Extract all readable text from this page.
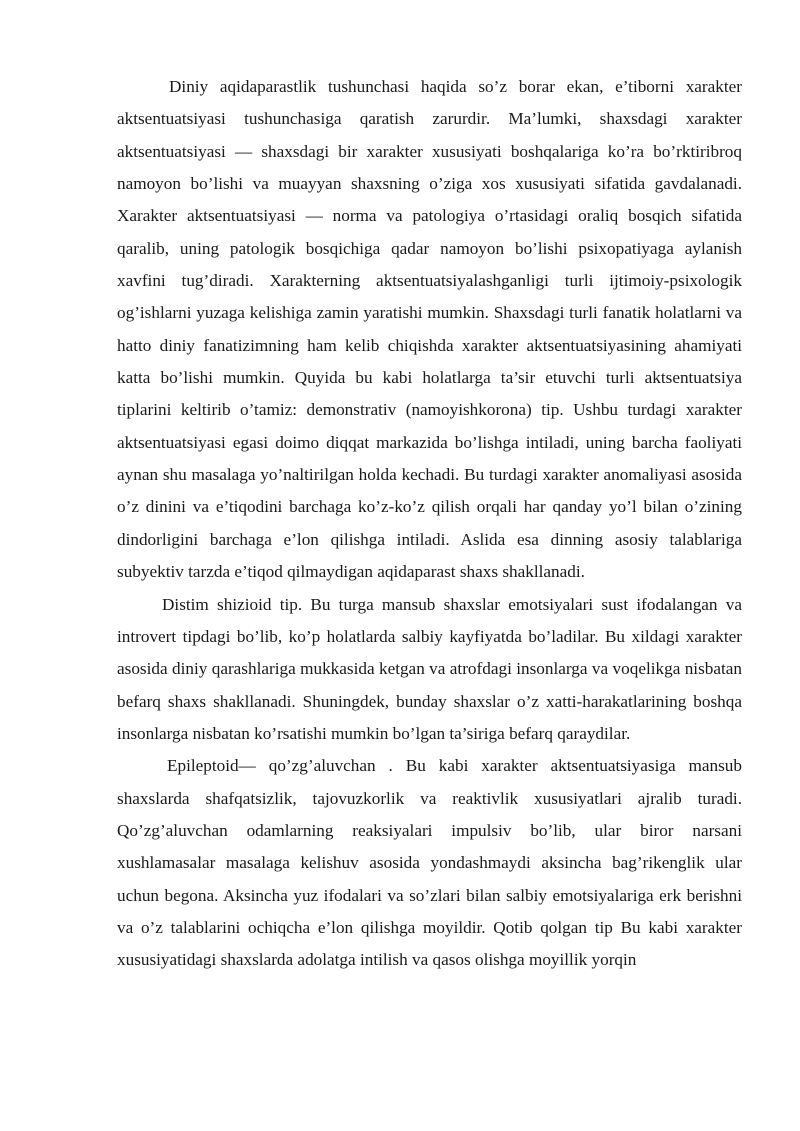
Diniy aqidaparastlik tushunchasi haqida so’z borar ekan, e’tiborni xarakter aktsentuatsiyasi tushunchasiga qaratish zarurdir. Ma’lumki, shaxsdagi xarakter aktsentuatsiyasi — shaxsdagi bir xarakter xususiyati boshqalariga ko’ra bo’rktiribroq namoyon bo’lishi va muayyan shaxsning o’ziga xos xususiyati sifatida gavdalanadi. Xarakter aktsentuatsiyasi — norma va patologiya o’rtasidagi oraliq bosqich sifatida qaralib, uning patologik bosqichiga qadar namoyon bo’lishi psixopatiyaga aylanish xavfini tug’diradi. Xarakterning aktsentuatsiyalashganligi turli ijtimoiy-psixologik og’ishlarni yuzaga kelishiga zamin yaratishi mumkin. Shaxsdagi turli fanatik holatlarni va hatto diniy fanatizimning ham kelib chiqishda xarakter aktsentuatsiyasining ahamiyati katta bo’lishi mumkin. Quyida bu kabi holatlarga ta’sir etuvchi turli aktsentuatsiya tiplarini keltirib o’tamiz: demonstrativ (namoyishkorona) tip. Ushbu turdagi xarakter aktsentuatsiyasi egasi doimo diqqat markazida bo’lishga intiladi, uning barcha faoliyati aynan shu masalaga yo’naltirilgan holda kechadi. Bu turdagi xarakter anomaliyasi asosida o’z dinini va e’tiqodini barchaga ko’z-ko’z qilish orqali har qanday yo’l bilan o’zining dindorligini barchaga e’lon qilishga intiladi. Aslida esa dinning asosiy talablariga subyektiv tarzda e’tiqod qilmaydigan aqidaparast shaxs shakllanadi.

Distim shizioid tip. Bu turga mansub shaxslar emotsiyalari sust ifodalangan va introvert tipdagi bo’lib, ko’p holatlarda salbiy kayfiyatda bo’ladilar. Bu xildagi xarakter asosida diniy qarashlariga mukkasida ketgan va atrofdagi insonlarga va voqelikga nisbatan befarq shaxs shakllanadi. Shuningdek, bunday shaxslar o’z xatti-harakatlarining boshqa insonlarga nisbatan ko’rsatishi mumkin bo’lgan ta’siriga befarq qaraydilar.

Epileptoid— qo’zg’aluvchan . Bu kabi xarakter aktsentuatsiyasiga mansub shaxslarda shafqatsizlik, tajovuzkorlik va reaktivlik xususiyatlari ajralib turadi. Qo’zg’aluvchan odamlarning reaksiyalari impulsiv bo’lib, ular biror narsani xushlamasalar masalaga kelishuv asosida yondashmaydi aksincha bag’rikenglik ular uchun begona. Aksincha yuz ifodalari va so’zlari bilan salbiy emotsiyalariga erk berishni va o’z talablarini ochiqcha e’lon qilishga moyildir. Qotib qolgan tip Bu kabi xarakter xususiyatidagi shaxslarda adolatga intilish va qasos olishga moyillik yorqin
